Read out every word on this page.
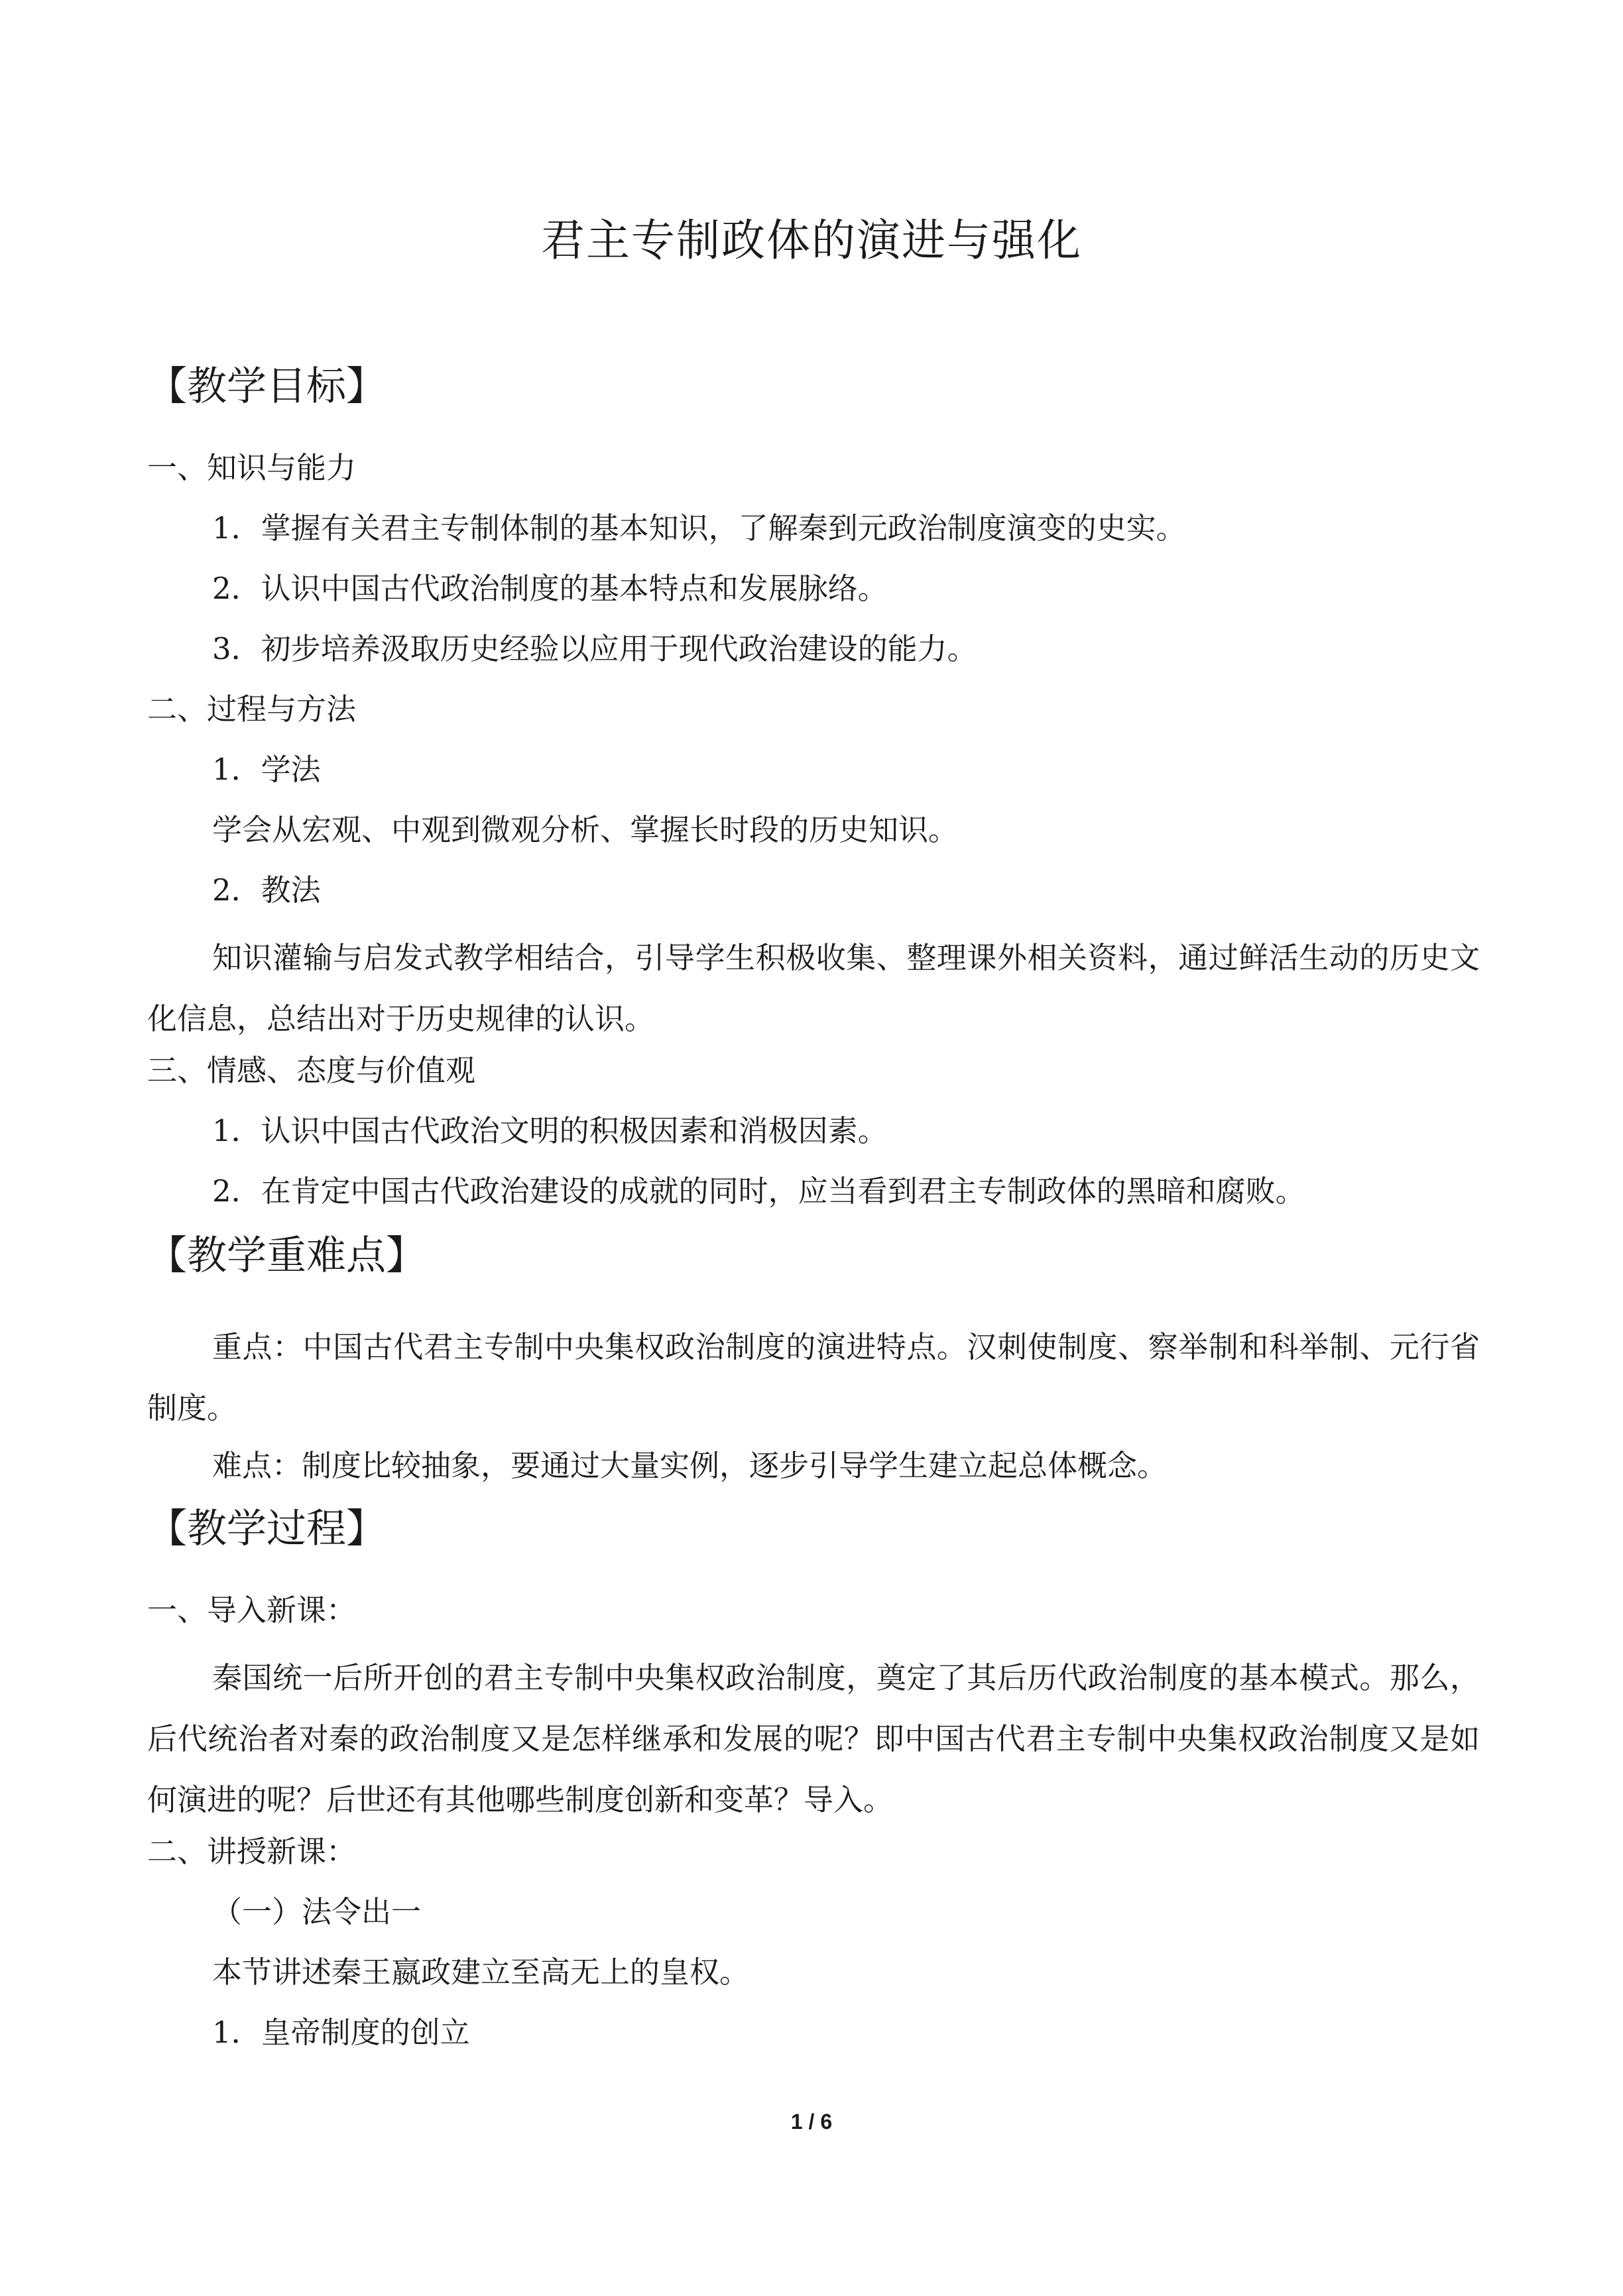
君主专制政体的演进与强化
【教学目标】
一、知识与能力
1．掌握有关君主专制体制的基本知识，了解秦到元政治制度演变的史实。
2．认识中国古代政治制度的基本特点和发展脉络。
3．初步培养汲取历史经验以应用于现代政治建设的能力。
二、过程与方法
1．学法
学会从宏观、中观到微观分析、掌握长时段的历史知识。
2．教法

知识灌输与启发式教学相结合，引导学生积极收集、整理课外相关资料，通过鲜活生动的历史文化信息，总结出对于历史规律的认识。

三、情感、态度与价值观
1．认识中国古代政治文明的积极因素和消极因素。
2．在肯定中国古代政治建设的成就的同时，应当看到君主专制政体的黑暗和腐败。
【教学重难点】

重点：中国古代君主专制中央集权政治制度的演进特点。汉刺使制度、察举制和科举制、元行省制度。

难点：制度比较抽象，要通过大量实例，逐步引导学生建立起总体概念。
【教学过程】
一、导入新课：

秦国统一后所开创的君主专制中央集权政治制度，奠定了其后历代政治制度的基本模式。那么，后代统治者对秦的政治制度又是怎样继承和发展的呢？即中国古代君主专制中央集权政治制度又是如何演进的呢？后世还有其他哪些制度创新和变革？导入。

二、讲授新课：
（一）法令出一
本节讲述秦王嬴政建立至高无上的皇权。
1．皇帝制度的创立
1 / 6
